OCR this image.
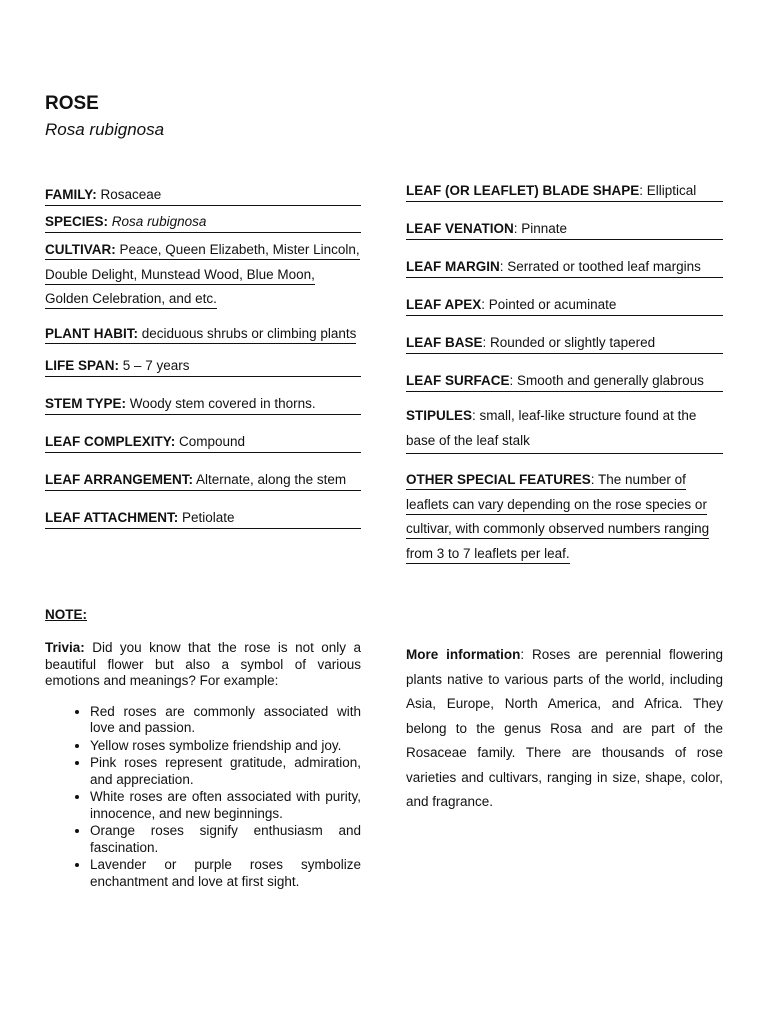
ROSE
Rosa rubignosa
FAMILY: Rosaceae
SPECIES: Rosa rubignosa
CULTIVAR: Peace, Queen Elizabeth, Mister Lincoln, Double Delight, Munstead Wood, Blue Moon, Golden Celebration, and etc.
PLANT HABIT: deciduous shrubs or climbing plants
LIFE SPAN: 5 – 7 years
STEM TYPE: Woody stem covered in thorns.
LEAF COMPLEXITY: Compound
LEAF ARRANGEMENT: Alternate, along the stem
LEAF ATTACHMENT: Petiolate
LEAF (OR LEAFLET) BLADE SHAPE: Elliptical
LEAF VENATION: Pinnate
LEAF MARGIN: Serrated or toothed leaf margins
LEAF APEX: Pointed or acuminate
LEAF BASE: Rounded or slightly tapered
LEAF SURFACE: Smooth and generally glabrous
STIPULES: small, leaf-like structure found at the base of the leaf stalk
OTHER SPECIAL FEATURES: The number of leaflets can vary depending on the rose species or cultivar, with commonly observed numbers ranging from 3 to 7 leaflets per leaf.
NOTE:
Trivia: Did you know that the rose is not only a beautiful flower but also a symbol of various emotions and meanings? For example:
• Red roses are commonly associated with love and passion.
• Yellow roses symbolize friendship and joy.
• Pink roses represent gratitude, admiration, and appreciation.
• White roses are often associated with purity, innocence, and new beginnings.
• Orange roses signify enthusiasm and fascination.
• Lavender or purple roses symbolize enchantment and love at first sight.
More information: Roses are perennial flowering plants native to various parts of the world, including Asia, Europe, North America, and Africa. They belong to the genus Rosa and are part of the Rosaceae family. There are thousands of rose varieties and cultivars, ranging in size, shape, color, and fragrance.
